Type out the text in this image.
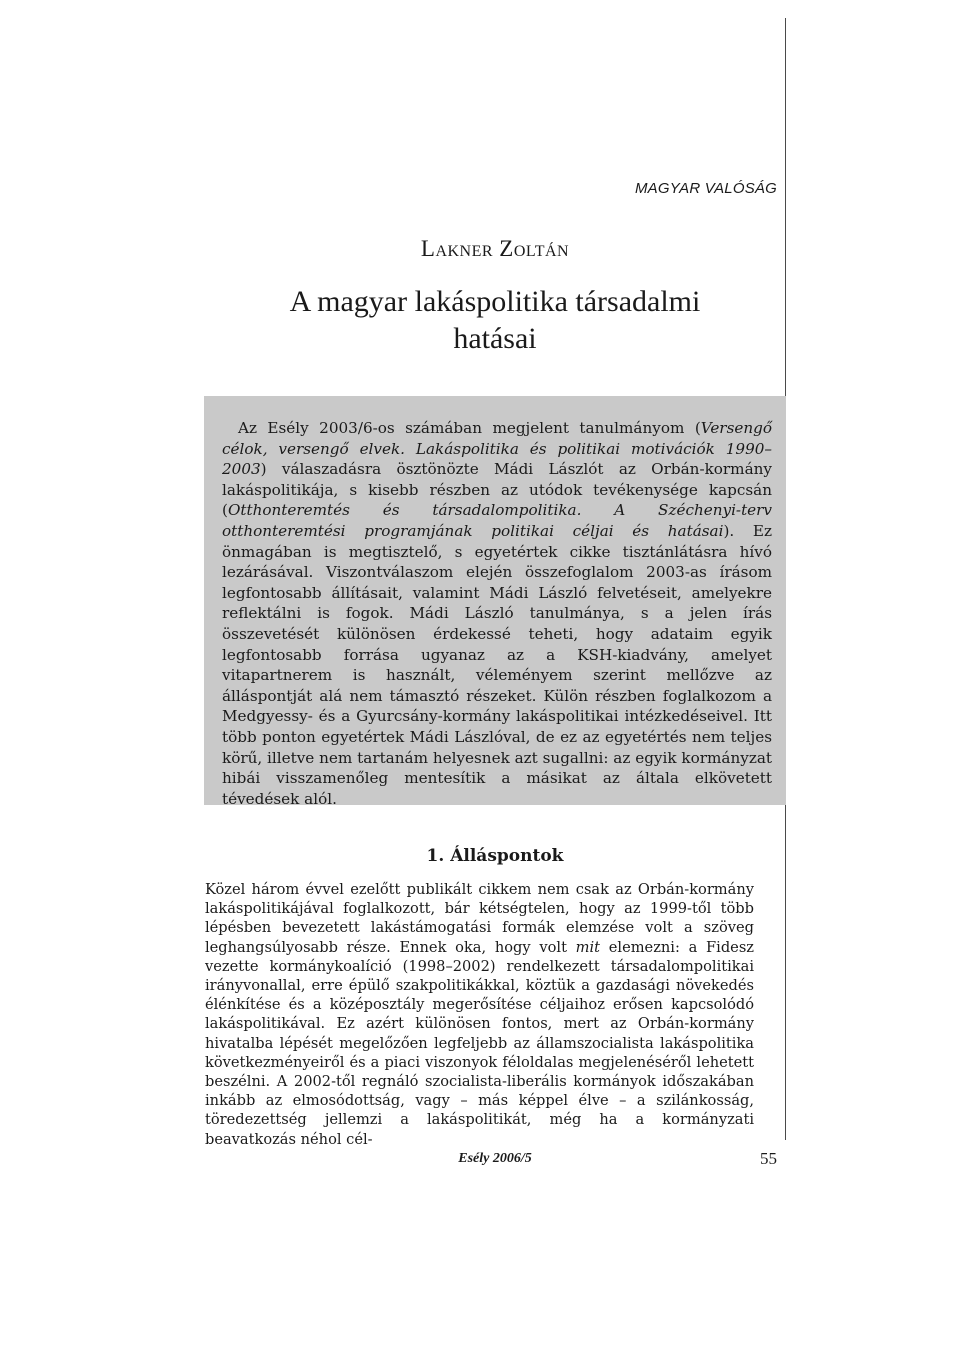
MAGYAR VALÓSÁG
Lakner Zoltán
A magyar lakáspolitika társadalmi
hatásai

Az Esély 2003/6-os számában megjelent tanulmányom (Versengő célok, versengő elvek. Lakáspolitika és politikai motivációk 1990–2003) válaszadásra ösztönözte Mádi Lászlót az Orbán-kormány lakáspolitikája, s kisebb részben az utódok tevékenysége kapcsán (Otthonteremtés és társadalompolitika. A Széchenyi-terv otthonteremtési programjának politikai céljai és hatásai). Ez önmagában is megtisztelő, s egyetértek cikke tisztánlátásra hívó lezárásával. Viszontválaszom elején összefoglalom 2003-as írásom legfontosabb állításait, valamint Mádi László felvetéseit, amelyekre reflektálni is fogok. Mádi László tanulmánya, s a jelen írás összevetését különösen érdekessé teheti, hogy adataim egyik legfontosabb forrása ugyanaz az a KSH-kiadvány, amelyet vitapartnerem is használt, véleményem szerint mellőzve az álláspontját alá nem támasztó részeket. Külön részben foglalkozom a Medgyessy- és a Gyurcsány-kormány lakáspolitikai intézkedéseivel. Itt több ponton egyetértek Mádi Lászlóval, de ez az egyetértés nem teljes körű, illetve nem tartanám helyesnek azt sugallni: az egyik kormányzat hibái visszamenőleg mentesítik a másikat az általa elkövetett tévedések alól.

1. Álláspontok

Közel három évvel ezelőtt publikált cikkem nem csak az Orbán-kormány lakáspolitikájával foglalkozott, bár kétségtelen, hogy az 1999-től több lépésben bevezetett lakástámogatási formák elemzése volt a szöveg leghangsúlyosabb része. Ennek oka, hogy volt mit elemezni: a Fidesz vezette kormánykoalíció (1998–2002) rendelkezett társadalompolitikai irányvonallal, erre épülő szakpolitikákkal, köztük a gazdasági növekedés élénkítése és a középosztály megerősítése céljaihoz erősen kapcsolódó lakáspolitikával. Ez azért különösen fontos, mert az Orbán-kormány hivatalba lépését megelőzően legfeljebb az államszocialista lakáspolitika következményeiről és a piaci viszonyok féloldalas megjelenéséről lehetett beszélni. A 2002-től regnáló szocialista-liberális kormányok időszakában inkább az elmosódottság, vagy – más képpel élve – a szilánkosság, töredezettség jellemzi a lakáspolitikát, még ha a kormányzati beavatkozás néhol cél-

Esély 2006/5	55
